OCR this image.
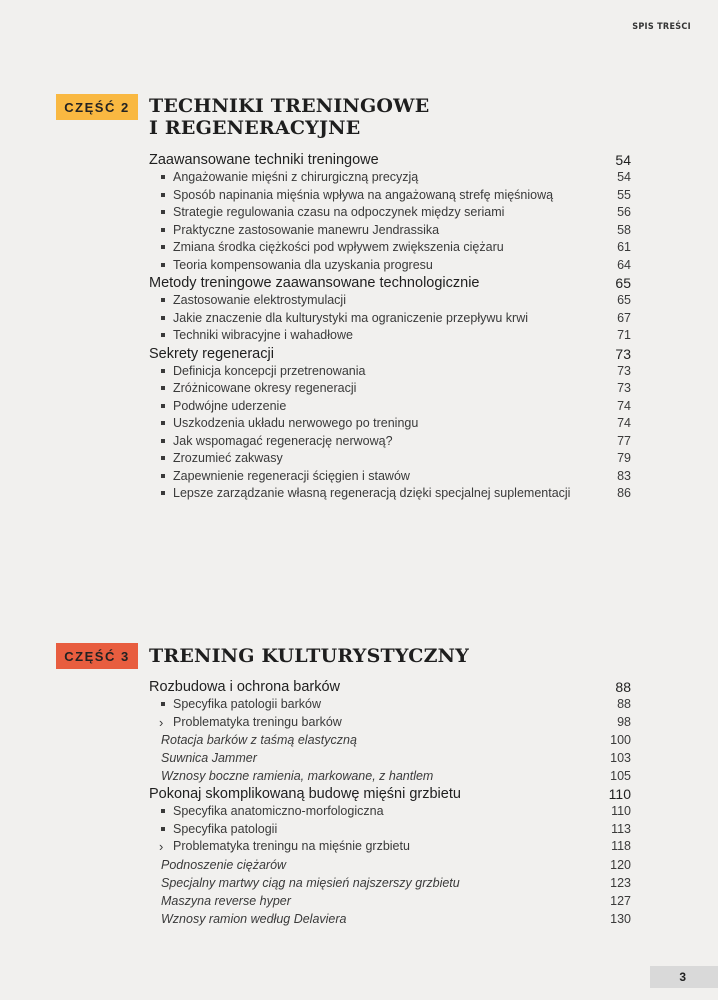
SPIS TREŚCI
CZĘŚĆ 2	TECHNIKI TRENINGOWE
I REGENERACYJNE
Zaawansowane techniki treningowe	54
Angażowanie mięśni z chirurgiczną precyzją	54
Sposób napinania mięśnia wpływa na angażowaną strefę mięśniową	55
Strategie regulowania czasu na odpoczynek między seriami	56
Praktyczne zastosowanie manewru Jendrassika	58
Zmiana środka ciężkości pod wpływem zwiększenia ciężaru	61
Teoria kompensowania dla uzyskania progresu	64
Metody treningowe zaawansowane technologicznie	65
Zastosowanie elektrostymulacji	65
Jakie znaczenie dla kulturystyki ma ograniczenie przepływu krwi	67
Techniki wibracyjne i wahadłowe	71
Sekrety regeneracji	73
Definicja koncepcji przetrenowania	73
Zróżnicowane okresy regeneracji	73
Podwójne uderzenie	74
Uszkodzenia układu nerwowego po treningu	74
Jak wspomagać regenerację nerwową?	77
Zrozumieć zakwasy	79
Zapewnienie regeneracji ścięgien i stawów	83
Lepsze zarządzanie własną regeneracją dzięki specjalnej suplementacji	86
CZĘŚĆ 3	TRENING KULTURYSTYCZNY
Rozbudowa i ochrona barków	88
Specyfika patologii barków	88
› Problematyka treningu barków	98
Rotacja barków z taśmą elastyczną	100
Suwnica Jammer	103
Wznosy boczne ramienia, markowane, z hantlem	105
Pokonaj skomplikowaną budowę mięśni grzbietu	110
Specyfika anatomiczno-morfologiczna	110
Specyfika patologii	113
› Problematyka treningu na mięśnie grzbietu	118
Podnoszenie ciężarów	120
Specjalny martwy ciąg na mięsień najszerszy grzbietu	123
Maszyna reverse hyper	127
Wznosy ramion według Delaviera	130
3
